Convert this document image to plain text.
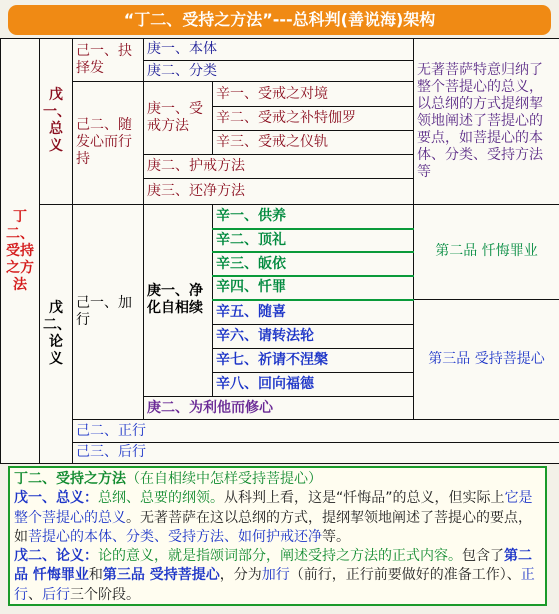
“丁二、受持之方法”---总科判(善说海)架构
丁二、受持之方法	戊一、总义	己一、抉择发	庚一、本体		无著菩萨特意归纳了整个菩提心的总义，以总纲的方式提纲挈领地阐述了菩提心的要点，如菩提心的本体、分类、受持方法等
			庚二、分类		
		己二、随发心而行持	庚一、受戒方法	辛一、受戒之对境	
				辛二、受戒之补特伽罗	
				辛三、受戒之仪轨	
			庚二、护戒方法		
			庚三、还净方法		
	戊二、论义	己一、加行	庚一、净化自相续	辛一、供养	第二品 忏悔罪业
				辛二、顶礼	
				辛三、皈依	
				辛四、忏罪	
				辛五、随喜	第三品 受持菩提心
				辛六、请转法轮	
				辛七、祈请不涅槃	
				辛八、回向福德	
			庚二、为利他而修心		
		己二、正行			
		己三、后行			

丁二、受持之方法（在自相续中怎样受持菩提心）

戊一、总义：总纲、总要的纲领。从科判上看，这是“忏悔品”的总义，但实际上它是整个菩提心的总义。无著菩萨在这以总纲的方式，提纲挈领地阐述了菩提心的要点，如菩提心的本体、分类、受持方法、如何护戒还净等。

戊二、论义：论的意义，就是指颂词部分，阐述受持之方法的正式内容。包含了第二品 忏悔罪业和第三品 受持菩提心，分为加行（前行，正行前要做好的准备工作）、正行、后行三个阶段。
